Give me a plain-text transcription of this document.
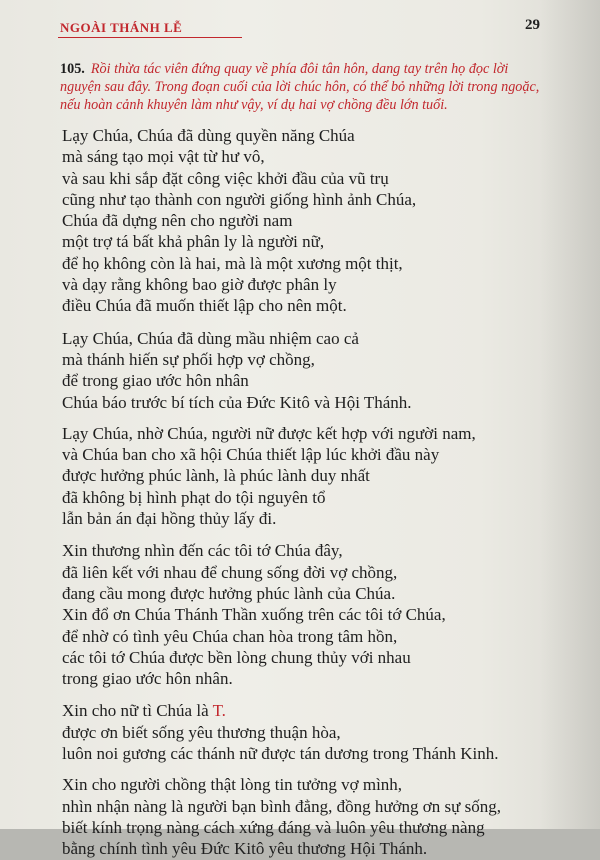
NGOÀI THÁNH LỄ	29
105. Rồi thừa tác viên đứng quay về phía đôi tân hôn, dang tay trên họ đọc lời nguyện sau đây. Trong đoạn cuối của lời chúc hôn, có thể bỏ những lời trong ngoặc, nếu hoàn cảnh khuyên làm như vậy, ví dụ hai vợ chồng đều lớn tuổi.
Lạy Chúa, Chúa đã dùng quyền năng Chúa
mà sáng tạo mọi vật từ hư vô,
và sau khi sắp đặt công việc khởi đầu của vũ trụ
cũng như tạo thành con người giống hình ảnh Chúa,
Chúa đã dựng nên cho người nam
một trợ tá bất khả phân ly là người nữ,
để họ không còn là hai, mà là một xương một thịt,
và dạy rằng không bao giờ được phân ly
điều Chúa đã muốn thiết lập cho nên một.
Lạy Chúa, Chúa đã dùng mầu nhiệm cao cả
mà thánh hiến sự phối hợp vợ chồng,
để trong giao ước hôn nhân
Chúa báo trước bí tích của Đức Kitô và Hội Thánh.
Lạy Chúa, nhờ Chúa, người nữ được kết hợp với người nam,
và Chúa ban cho xã hội Chúa thiết lập lúc khởi đầu này
được hưởng phúc lành, là phúc lành duy nhất
đã không bị hình phạt do tội nguyên tổ
lẫn bản án đại hồng thủy lấy đi.
Xin thương nhìn đến các tôi tớ Chúa đây,
đã liên kết với nhau để chung sống đời vợ chồng,
đang cầu mong được hưởng phúc lành của Chúa.
Xin đổ ơn Chúa Thánh Thần xuống trên các tôi tớ Chúa,
để nhờ có tình yêu Chúa chan hòa trong tâm hồn,
các tôi tớ Chúa được bền lòng chung thủy với nhau
trong giao ước hôn nhân.
Xin cho nữ tì Chúa là T.
được ơn biết sống yêu thương thuận hòa,
luôn noi gương các thánh nữ được tán dương trong Thánh Kinh.
Xin cho người chồng thật lòng tin tưởng vợ mình,
nhìn nhận nàng là người bạn bình đẳng, đồng hưởng ơn sự sống,
biết kính trọng nàng cách xứng đáng và luôn yêu thương nàng
bằng chính tình yêu Đức Kitô yêu thương Hội Thánh.
